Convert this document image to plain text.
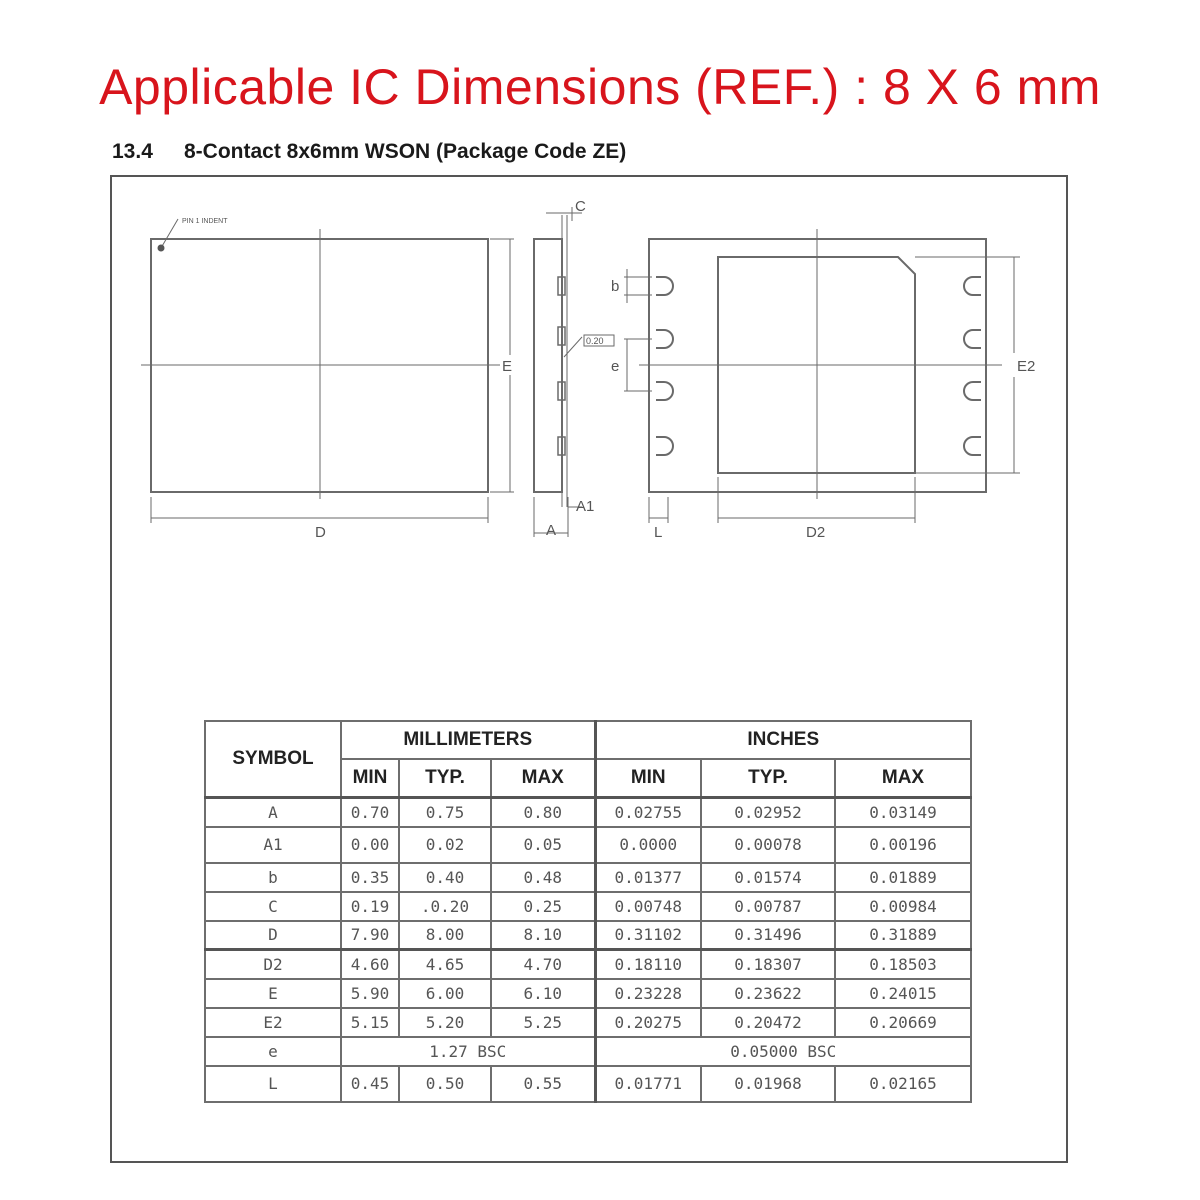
Applicable IC Dimensions (REF.) : 8 X 6 mm
13.4 8-Contact 8x6mm WSON (Package Code ZE)
PIN 1 INDENT
D
E
C
A
A1
0.20
b
e	E2
L	D2
SYMBOL	MILLIMETERS			INCHES		
	MIN	TYP.	MAX	MIN	TYP.	MAX
A	0.70	0.75	0.80	0.02755	0.02952	0.03149
A1	0.00	0.02	0.05	0.0000	0.00078	0.00196
b	0.35	0.40	0.48	0.01377	0.01574	0.01889
C	0.19	.0.20	0.25	0.00748	0.00787	0.00984
D	7.90	8.00	8.10	0.31102	0.31496	0.31889
D2	4.60	4.65	4.70	0.18110	0.18307	0.18503
E	5.90	6.00	6.10	0.23228	0.23622	0.24015
E2	5.15	5.20	5.25	0.20275	0.20472	0.20669
e	1.27 BSC			0.05000 BSC		
L	0.45	0.50	0.55	0.01771	0.01968	0.02165
